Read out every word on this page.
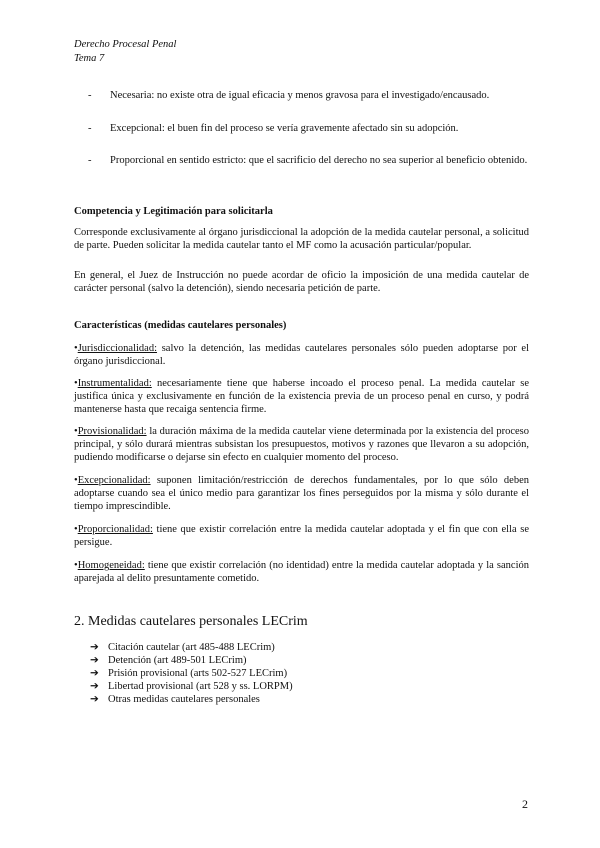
Derecho Procesal Penal
Tema 7
- Necesaria: no existe otra de igual eficacia y menos gravosa para el investigado/encausado.
- Excepcional: el buen fin del proceso se vería gravemente afectado sin su adopción.
- Proporcional en sentido estricto: que el sacrificio del derecho no sea superior al beneficio obtenido.
Competencia y Legitimación para solicitarla

Corresponde exclusivamente al órgano jurisdiccional la adopción de la medida cautelar personal, a solicitud de parte. Pueden solicitar la medida cautelar tanto el MF como la acusación particular/popular.

En general, el Juez de Instrucción no puede acordar de oficio la imposición de una medida cautelar de carácter personal (salvo la detención), siendo necesaria petición de parte.

Características (medidas cautelares personales)

•Jurisdiccionalidad: salvo la detención, las medidas cautelares personales sólo pueden adoptarse por el órgano jurisdiccional.

•Instrumentalidad: necesariamente tiene que haberse incoado el proceso penal. La medida cautelar se justifica única y exclusivamente en función de la existencia previa de un proceso penal en curso, y podrá mantenerse hasta que recaiga sentencia firme.

•Provisionalidad: la duración máxima de la medida cautelar viene determinada por la existencia del proceso principal, y sólo durará mientras subsistan los presupuestos, motivos y razones que llevaron a su adopción, pudiendo modificarse o dejarse sin efecto en cualquier momento del proceso.

•Excepcionalidad: suponen limitación/restricción de derechos fundamentales, por lo que sólo deben adoptarse cuando sea el único medio para garantizar los fines perseguidos por la misma y sólo durante el tiempo imprescindible.

•Proporcionalidad: tiene que existir correlación entre la medida cautelar adoptada y el fin que con ella se persigue.

•Homogeneidad: tiene que existir correlación (no identidad) entre la medida cautelar adoptada y la sanción aparejada al delito presuntamente cometido.

2. Medidas cautelares personales LECrim
➔ Citación cautelar (art 485-488 LECrim)
➔ Detención (art 489-501 LECrim)
➔ Prisión provisional (arts 502-527 LECrim)
➔ Libertad provisional (art 528 y ss. LORPM)
➔ Otras medidas cautelares personales
2
